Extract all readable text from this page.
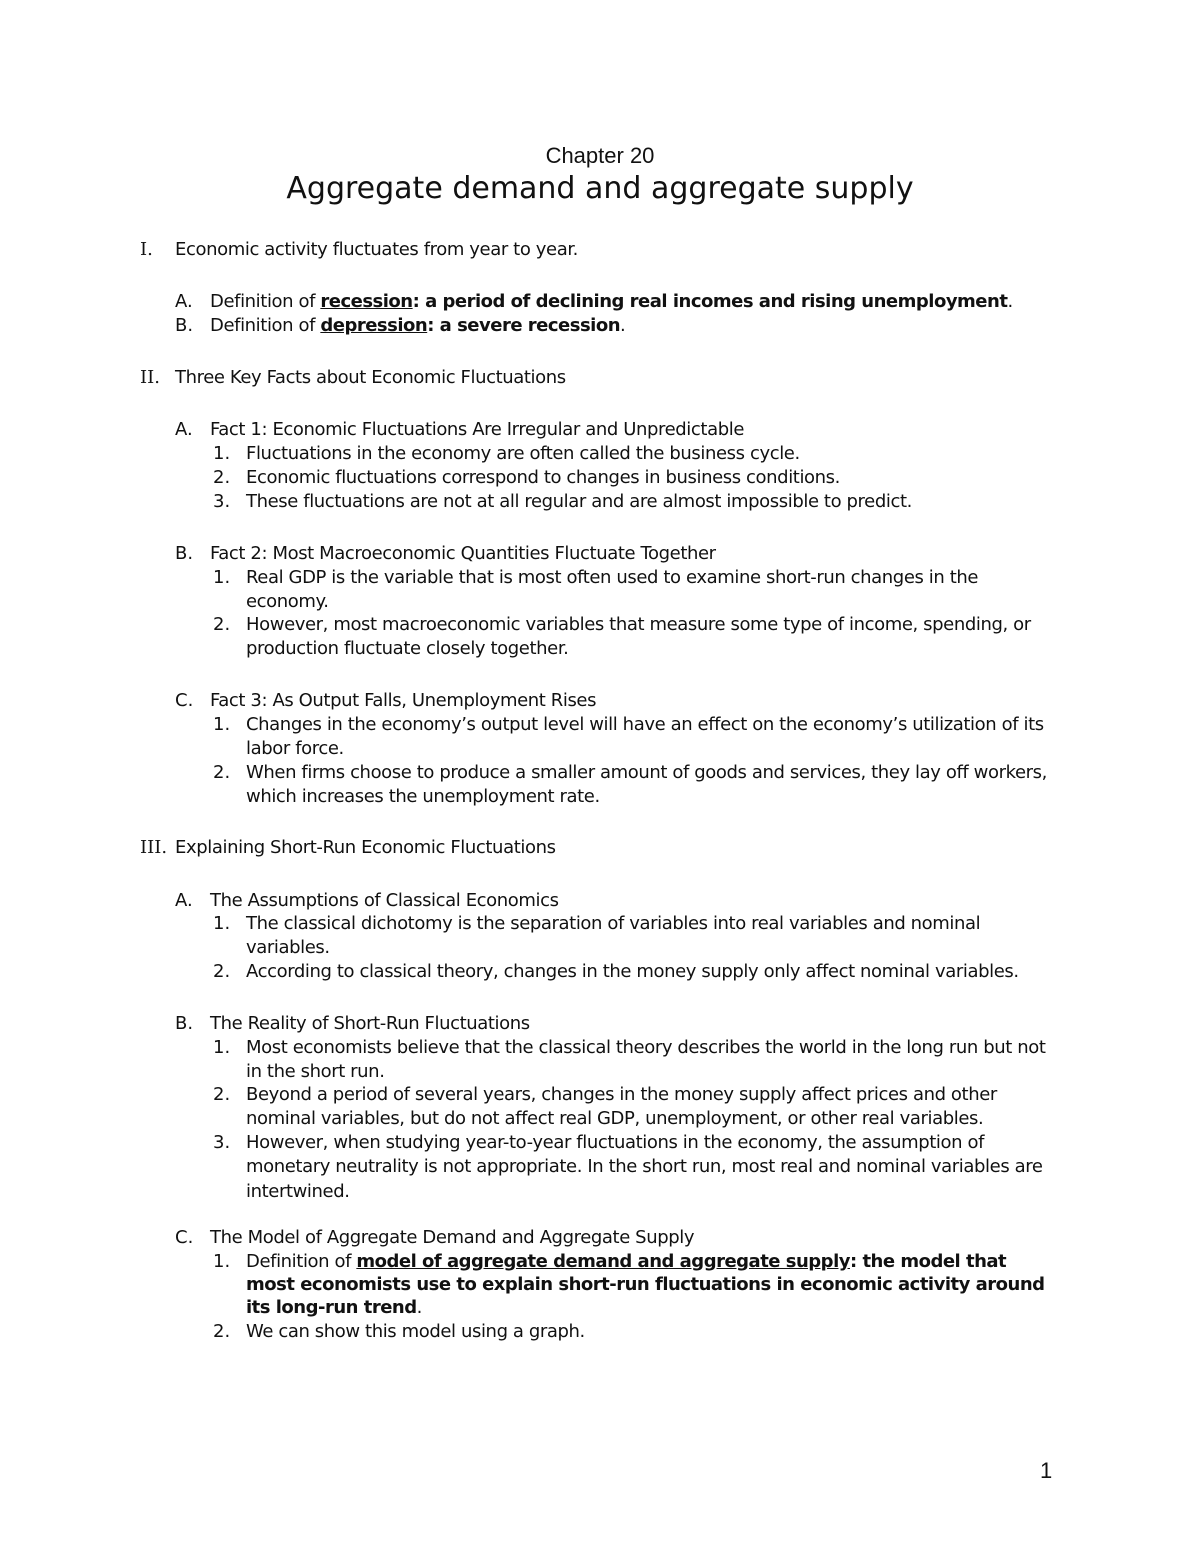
Chapter 20
Aggregate demand and aggregate supply
I. Economic activity fluctuates from year to year.
A. Definition of recession: a period of declining real incomes and rising unemployment.
B. Definition of depression: a severe recession.
II. Three Key Facts about Economic Fluctuations
A. Fact 1: Economic Fluctuations Are Irregular and Unpredictable
1. Fluctuations in the economy are often called the business cycle.
2. Economic fluctuations correspond to changes in business conditions.
3. These fluctuations are not at all regular and are almost impossible to predict.
B. Fact 2: Most Macroeconomic Quantities Fluctuate Together
1. Real GDP is the variable that is most often used to examine short-run changes in the
economy.
2. However, most macroeconomic variables that measure some type of income, spending, or
production fluctuate closely together.
C. Fact 3: As Output Falls, Unemployment Rises
1. Changes in the economy’s output level will have an effect on the economy’s utilization of its
labor force.
2. When firms choose to produce a smaller amount of goods and services, they lay off workers,
which increases the unemployment rate.
III. Explaining Short-Run Economic Fluctuations
A. The Assumptions of Classical Economics
1. The classical dichotomy is the separation of variables into real variables and nominal
variables.
2. According to classical theory, changes in the money supply only affect nominal variables.
B. The Reality of Short-Run Fluctuations
1. Most economists believe that the classical theory describes the world in the long run but not
in the short run.
2. Beyond a period of several years, changes in the money supply affect prices and other
nominal variables, but do not affect real GDP, unemployment, or other real variables.
3. However, when studying year-to-year fluctuations in the economy, the assumption of
monetary neutrality is not appropriate. In the short run, most real and nominal variables are
intertwined.
C. The Model of Aggregate Demand and Aggregate Supply
1. Definition of model of aggregate demand and aggregate supply: the model that
most economists use to explain short-run fluctuations in economic activity around
its long-run trend.
2. We can show this model using a graph.
1
